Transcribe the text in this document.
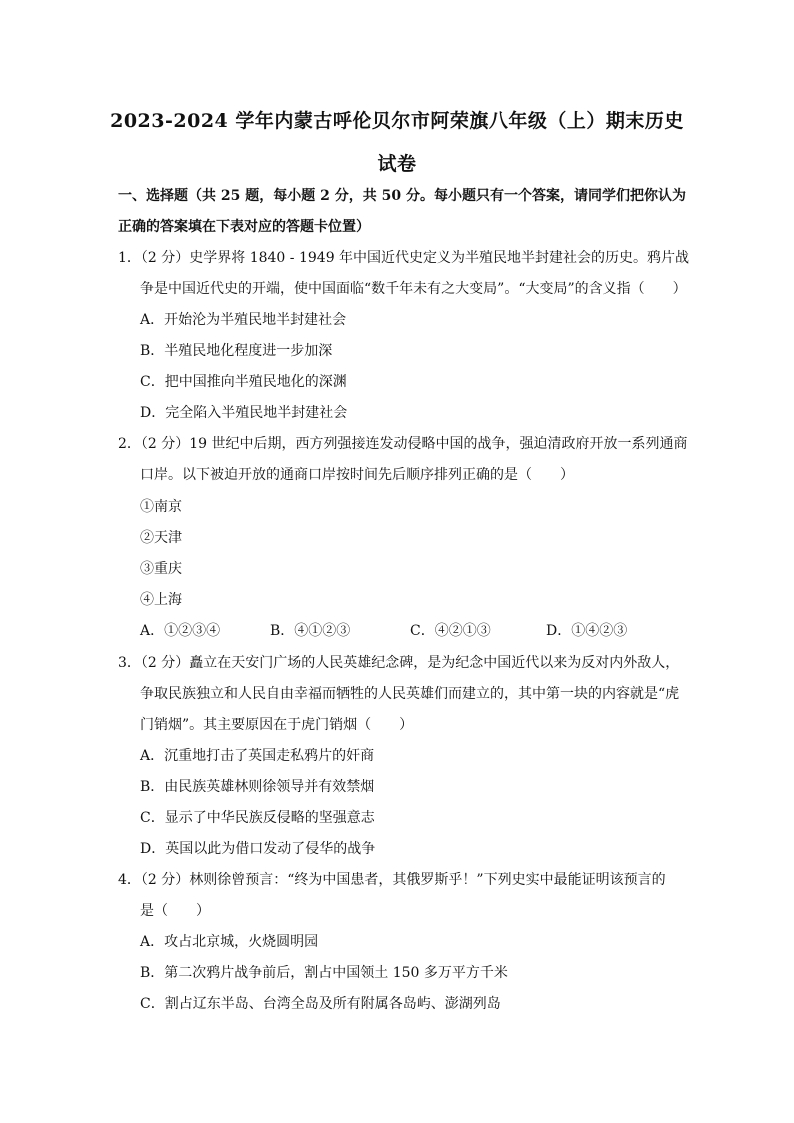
2023-2024 学年内蒙古呼伦贝尔市阿荣旗八年级（上）期末历史
试卷
一、选择题（共 25 题，每小题 2 分，共 50 分。每小题只有一个答案，请同学们把你认为
正确的答案填在下表对应的答题卡位置）
1．（2 分）史学界将 1840 - 1949 年中国近代史定义为半殖民地半封建社会的历史。鸦片战
争是中国近代史的开端，使中国面临“数千年未有之大变局”。“大变局”的含义指（　　）
A．开始沦为半殖民地半封建社会
B．半殖民地化程度进一步加深
C．把中国推向半殖民地化的深渊
D．完全陷入半殖民地半封建社会
2．（2 分）19 世纪中后期，西方列强接连发动侵略中国的战争，强迫清政府开放一系列通商
口岸。以下被迫开放的通商口岸按时间先后顺序排列正确的是（　　）
①南京
②天津
③重庆
④上海
A．①②③④	B．④①②③	C．④②①③	D．①④②③
3．（2 分）矗立在天安门广场的人民英雄纪念碑，是为纪念中国近代以来为反对内外敌人，
争取民族独立和人民自由幸福而牺牲的人民英雄们而建立的，其中第一块的内容就是“虎
门销烟”。其主要原因在于虎门销烟（　　）
A．沉重地打击了英国走私鸦片的奸商
B．由民族英雄林则徐领导并有效禁烟
C．显示了中华民族反侵略的坚强意志
D．英国以此为借口发动了侵华的战争
4．（2 分）林则徐曾预言：“终为中国患者，其俄罗斯乎！”下列史实中最能证明该预言的
是（　　）
A．攻占北京城，火烧圆明园
B．第二次鸦片战争前后，割占中国领土 150 多万平方千米
C．割占辽东半岛、台湾全岛及所有附属各岛屿、澎湖列岛
